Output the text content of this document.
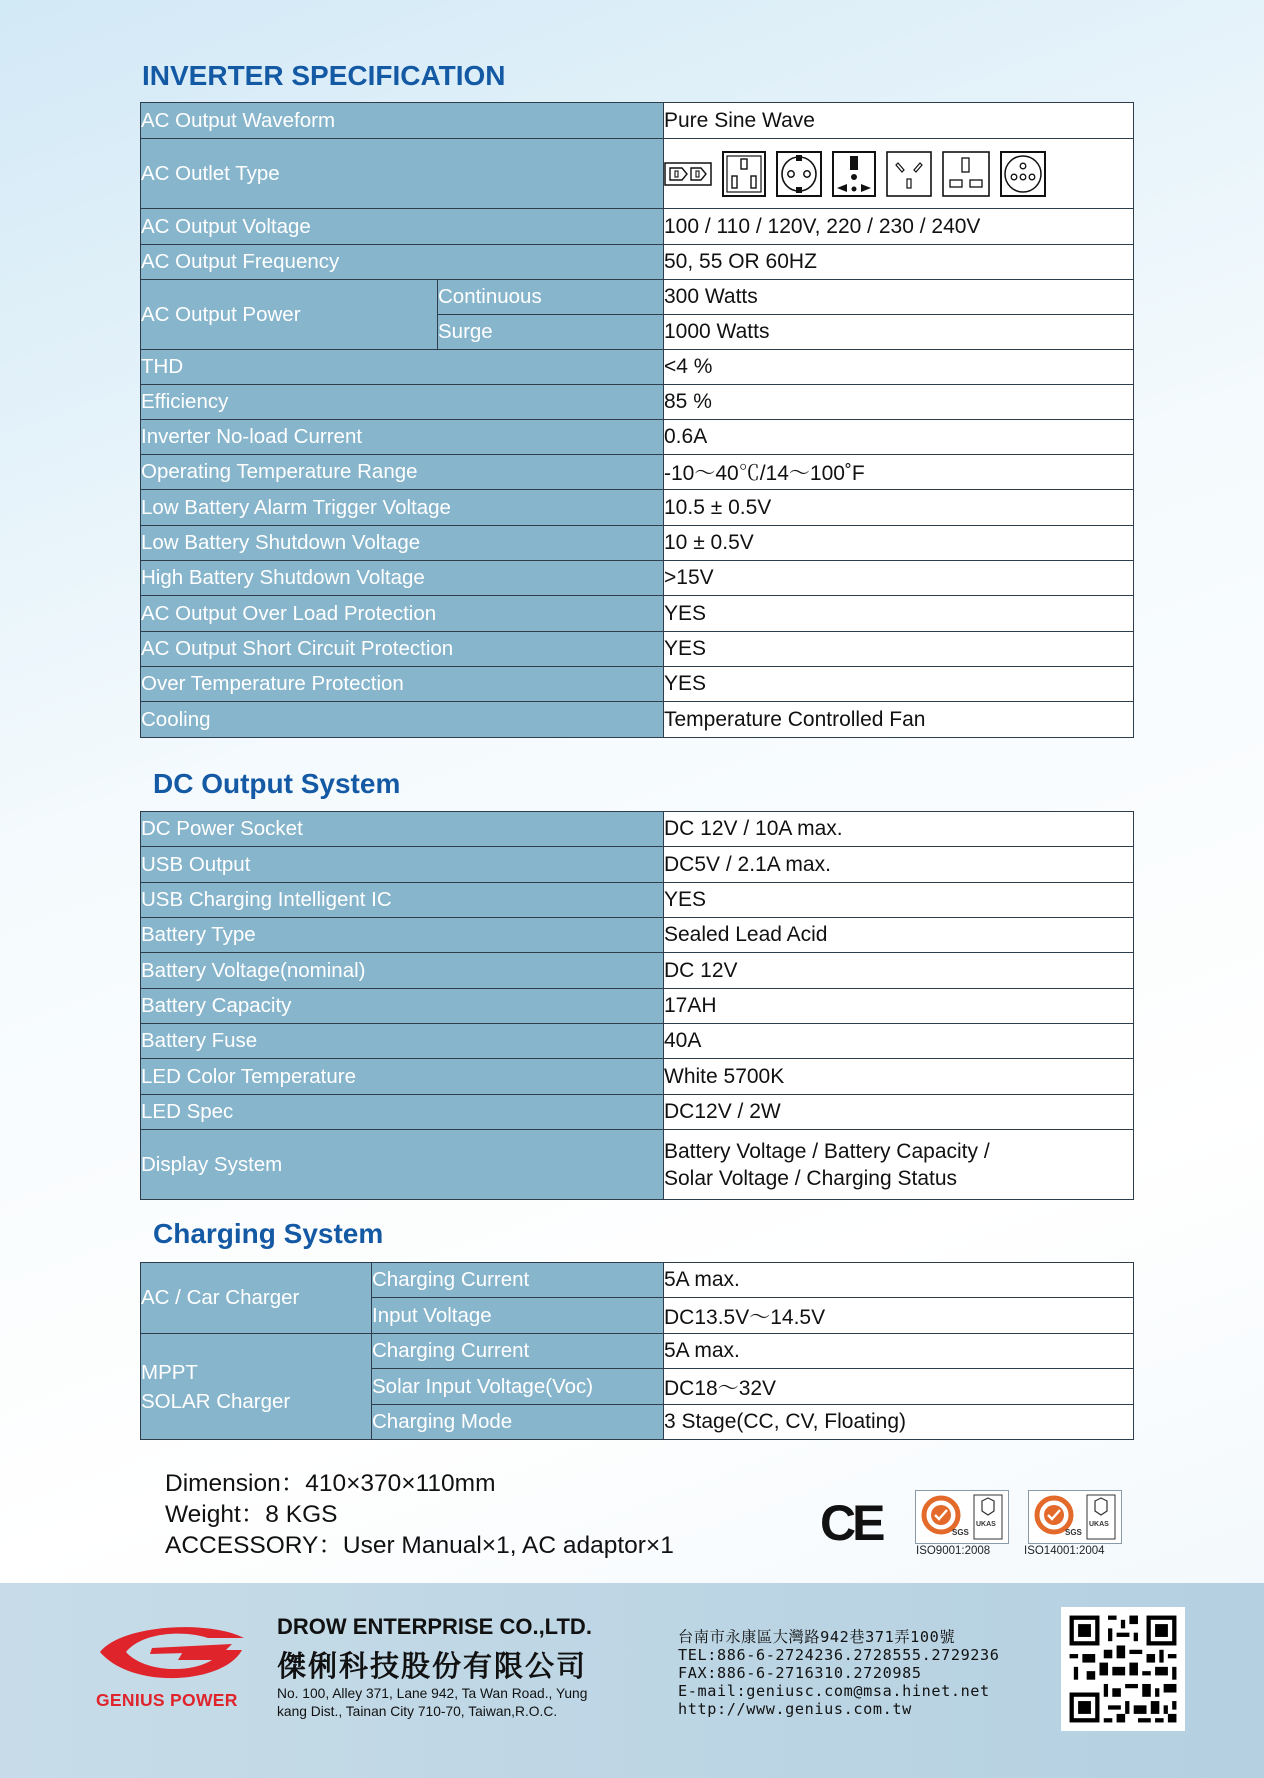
INVERTER SPECIFICATION
AC Output Waveform		Pure Sine Wave
AC Outlet Type	

AC Output Voltage		100 / 110 / 120V, 220 / 230 / 240V
AC Output Frequency		50, 55 OR 60HZ
AC Output Power	Continuous	300 Watts
	Surge	1000 Watts
THD		<4 %
Efficiency		85 %
Inverter No-load Current		0.6A
Operating Temperature Range		-10～40℃/14～100˚F
Low Battery Alarm Trigger Voltage		10.5 ± 0.5V
Low Battery Shutdown Voltage		10 ± 0.5V
High Battery Shutdown Voltage		>15V
AC Output Over Load Protection		YES
AC Output Short Circuit Protection		YES
Over Temperature Protection		YES
Cooling		Temperature Controlled Fan
DC Output System
DC Power Socket	DC 12V / 10A max.
USB Output	DC5V / 2.1A max.
USB Charging Intelligent IC	YES
Battery Type	Sealed Lead Acid
Battery Voltage(nominal)	DC 12V
Battery Capacity	17AH
Battery Fuse	40A
LED Color Temperature	White 5700K
LED Spec	DC12V / 2W
Display System	Battery Voltage / Battery Capacity /
Solar Voltage / Charging Status
Charging System
AC / Car Charger	Charging Current	5A max.
	Input Voltage	DC13.5V～14.5V

MPPT
SOLAR Charger	Charging Current	5A max.
	Solar Input Voltage(Voc)	DC18～32V
	Charging Mode	3 Stage(CC, CV, Floating)
Dimension：410×370×110mm
Weight：8 KGS
ACCESSORY：User Manual×1, AC adaptor×1	CE	SGS
UKAS
ISO9001:2008
SGS
UKAS
ISO14001:2004
GENIUS POWER
DROW ENTERPRISE CO.,LTD.
傑俐科技股份有限公司
No. 100, Alley 371, Lane 942, Ta Wan Road., Yung
kang Dist., Tainan City 710-70, Taiwan,R.O.C.
台南市永康區大灣路942巷371弄100號
TEL:886-6-2724236.2728555.2729236
FAX:886-6-2716310.2720985
E-mail:geniusc.com@msa.hinet.net
http://www.genius.com.tw
